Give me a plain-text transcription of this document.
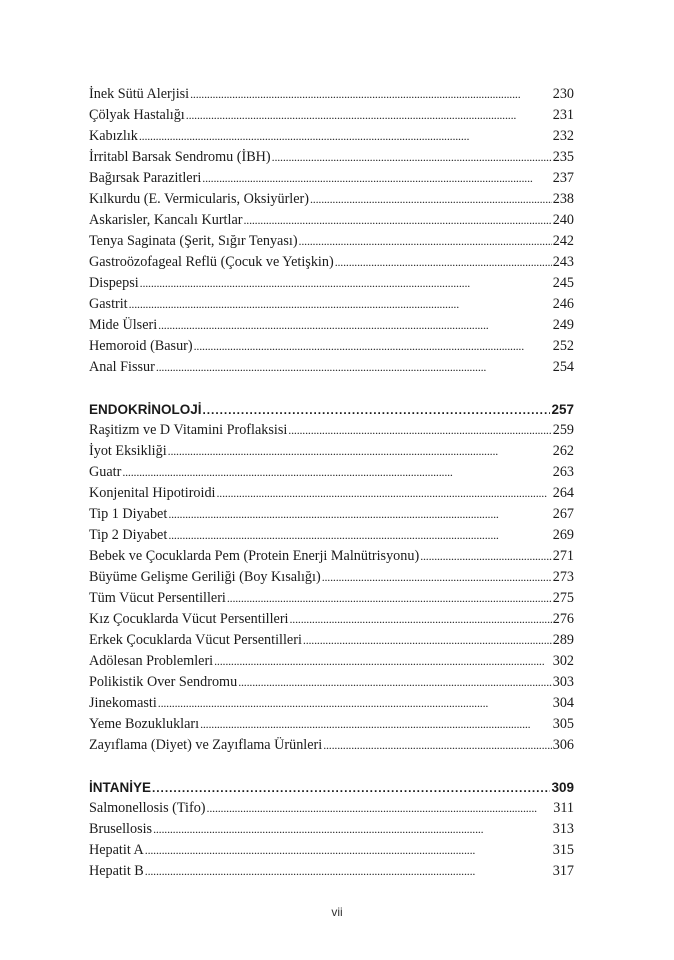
İnek Sütü Alerjisi . . .	230
Çölyak Hastalığı . . .	231
Kabızlık . . .	232
İrritabl Barsak Sendromu (İBH) . . .	235
Bağırsak Parazitleri . . .	237
Kılkurdu (E. Vermicularis, Oksiyürler) . . .	238
Askarisler, Kancalı Kurtlar . . .	240
Tenya Saginata (Şerit, Sığır Tenyası) . . .	242
Gastroözofageal Reflü (Çocuk ve Yetişkin) . . .	243
Dispepsi . . .	245
Gastrit . . .	246
Mide Ülseri . . .	249
Hemoroid (Basur) . . .	252
Anal Fissur . . .	254
ENDOKRİNOLOJİ . . .	257
Raşitizm ve D Vitamini Proflaksisi . . .	259
İyot Eksikliği . . .	262
Guatr . . .	263
Konjenital Hipotiroidi . . .	264
Tip 1 Diyabet . . .	267
Tip 2 Diyabet . . .	269
Bebek ve Çocuklarda Pem (Protein Enerji Malnütrisyonu) . . .	271
Büyüme Gelişme Geriliği (Boy Kısalığı) . . .	273
Tüm Vücut Persentilleri . . .	275
Kız Çocuklarda Vücut Persentilleri . . .	276
Erkek Çocuklarda Vücut Persentilleri . . .	289
Adölesan Problemleri . . .	302
Polikistik Over Sendromu . . .	303
Jinekomasti . . .	304
Yeme Bozuklukları . . .	305
Zayıflama (Diyet) ve Zayıflama Ürünleri . . .	306
İNTANİYE . . .	309
Salmonellosis (Tifo) . . .	311
Brusellosis . . .	313
Hepatit A . . .	315
Hepatit B . . .	317
vii
